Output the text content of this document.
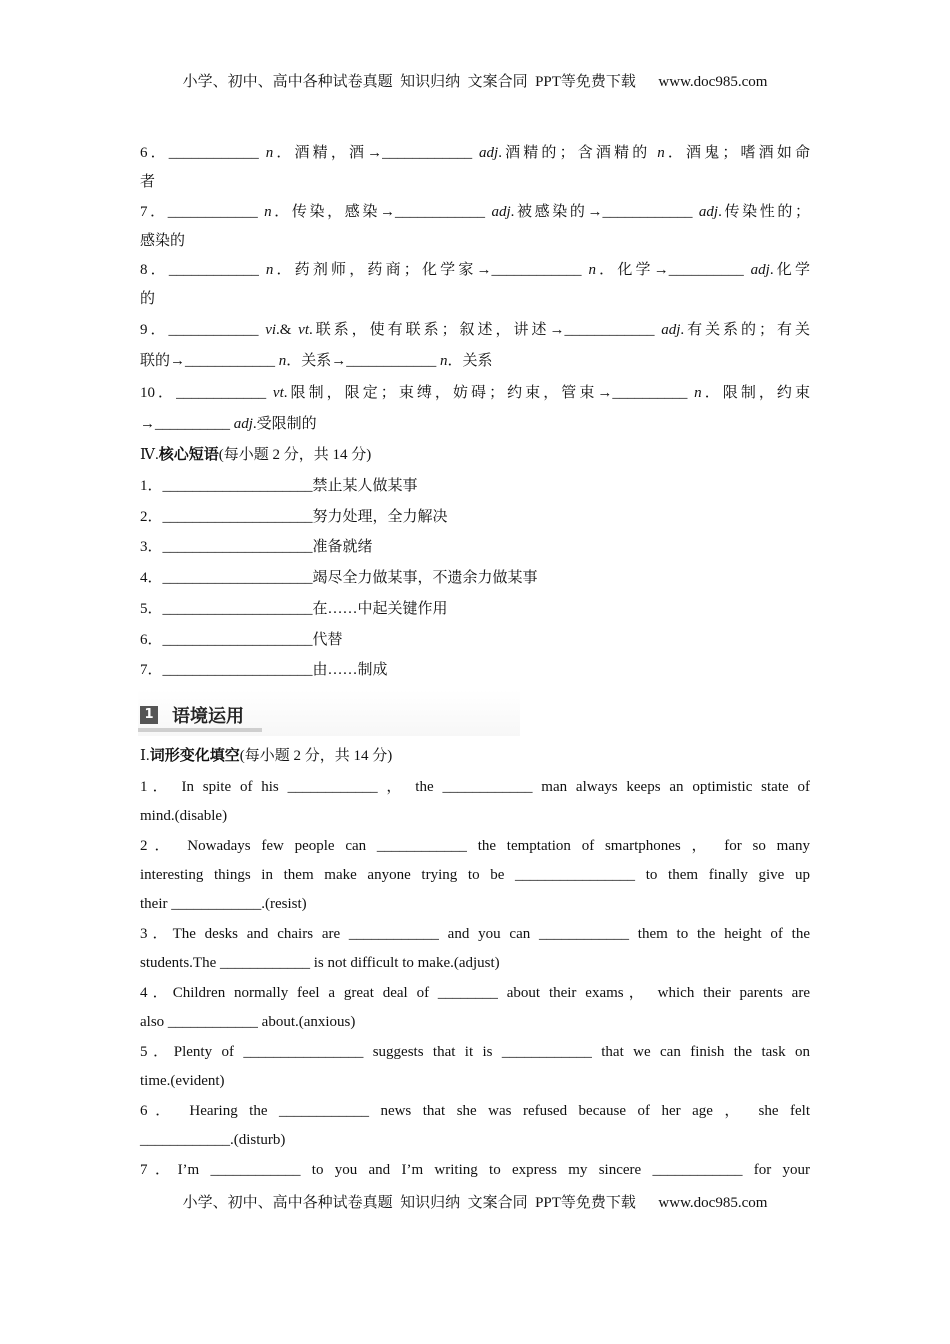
小学、初中、高中各种试卷真题  知识归纳  文案合同  PPT等免费下载      www.doc985.com
6．____________ n．酒精，酒→____________ adj.酒精的；含酒精的 n．酒鬼；嗜酒如命
者
7．____________ n．传染，感染→____________ adj.被感染的→____________ adj.传染性的；
感染的
8．____________ n．药剂师，药商；化学家→____________ n．化学→__________ adj.化学
的
9．____________ vi.& vt.联系，使有联系；叙述，讲述→____________ adj.有关系的；有关
联的→____________ n．关系→____________ n．关系
10．____________ vt.限制，限定；束缚，妨碍；约束，管束→__________ n．限制，约束
→__________ adj.受限制的
Ⅳ.核心短语(每小题 2 分，共 14 分)
1．____________________禁止某人做某事
2．____________________努力处理，全力解决
3．____________________准备就绪
4．____________________竭尽全力做某事，不遗余力做某事
5．____________________在……中起关键作用
6．____________________代替
7．____________________由……制成
Ⅰ.词形变化填空(每小题 2 分，共 14 分)
1． In spite of his ____________ ， the ____________ man always keeps an optimistic state of
mind.(disable)
2． Nowadays few people can ____________ the temptation of smartphones ， for so many
interesting things in them make anyone trying to be ________________ to them finally give up
their ____________.(resist)
3．The desks and chairs are ____________ and you can ____________ them to the height of the
students.The ____________ is not difficult to make.(adjust)
4．Children normally feel a great deal of ________ about their exams， which their parents are
also ____________ about.(anxious)
5．Plenty of ________________ suggests that it is ____________ that we can finish the task on
time.(evident)
6． Hearing the ____________ news that she was refused because of her age ， she felt
____________.(disturb)
7．I’m ____________ to you and I’m writing to express my sincere ____________ for your
1 语境运用
小学、初中、高中各种试卷真题  知识归纳  文案合同  PPT等免费下载      www.doc985.com
